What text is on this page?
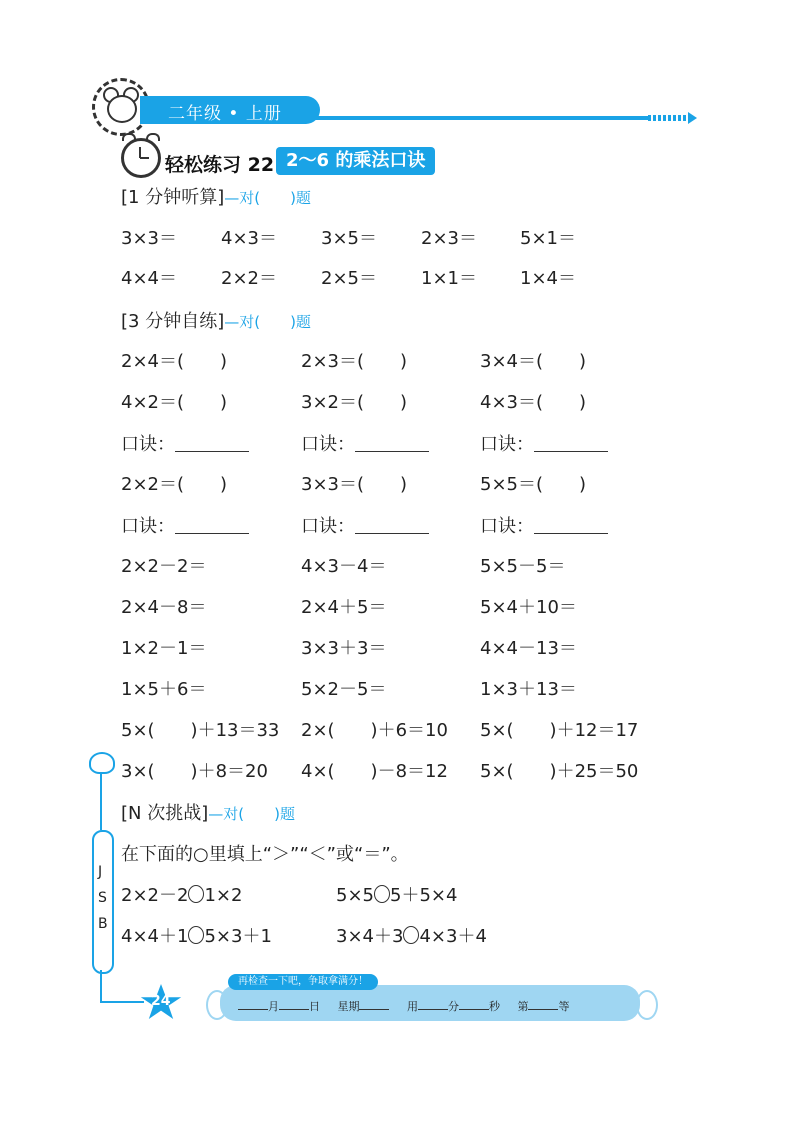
二年级 • 上册
轻松练习 22 2～6 的乘法口诀
[1 分钟听算]—对(　　)题
3×3＝ 4×3＝ 3×5＝ 2×3＝ 5×1＝
4×4＝ 2×2＝ 2×5＝ 1×1＝ 1×4＝
[3 分钟自练]—对(　　)题
2×4＝(　　)	2×3＝(　　)	3×4＝(　　)
4×2＝(　　)	3×2＝(　　)	4×3＝(　　)
口诀：	口诀：	口诀：
2×2＝(　　)	3×3＝(　　)	5×5＝(　　)
口诀：	口诀：	口诀：
2×2－2＝	4×3－4＝	5×5－5＝
2×4－8＝	2×4＋5＝	5×4＋10＝
1×2－1＝	3×3＋3＝	4×4－13＝
1×5＋6＝	5×2－5＝	1×3＋13＝
5×(　　)＋13＝33 2×(　　)＋6＝10 5×(　　)＋12＝17
3×(　　)＋8＝20 4×(　　)－8＝12 5×(　　)＋25＝50
[N 次挑战]—对(　　)题
在下面的○里填上“＞”“＜”或“＝”。
2×2－2 1×2	5×5 5＋5×4
4×4＋1 5×3＋1	3×4＋3 4×3＋4
J
S
B
24
再检查一下吧，争取拿满分！
月	日 星期	用	分	秒 第	等
